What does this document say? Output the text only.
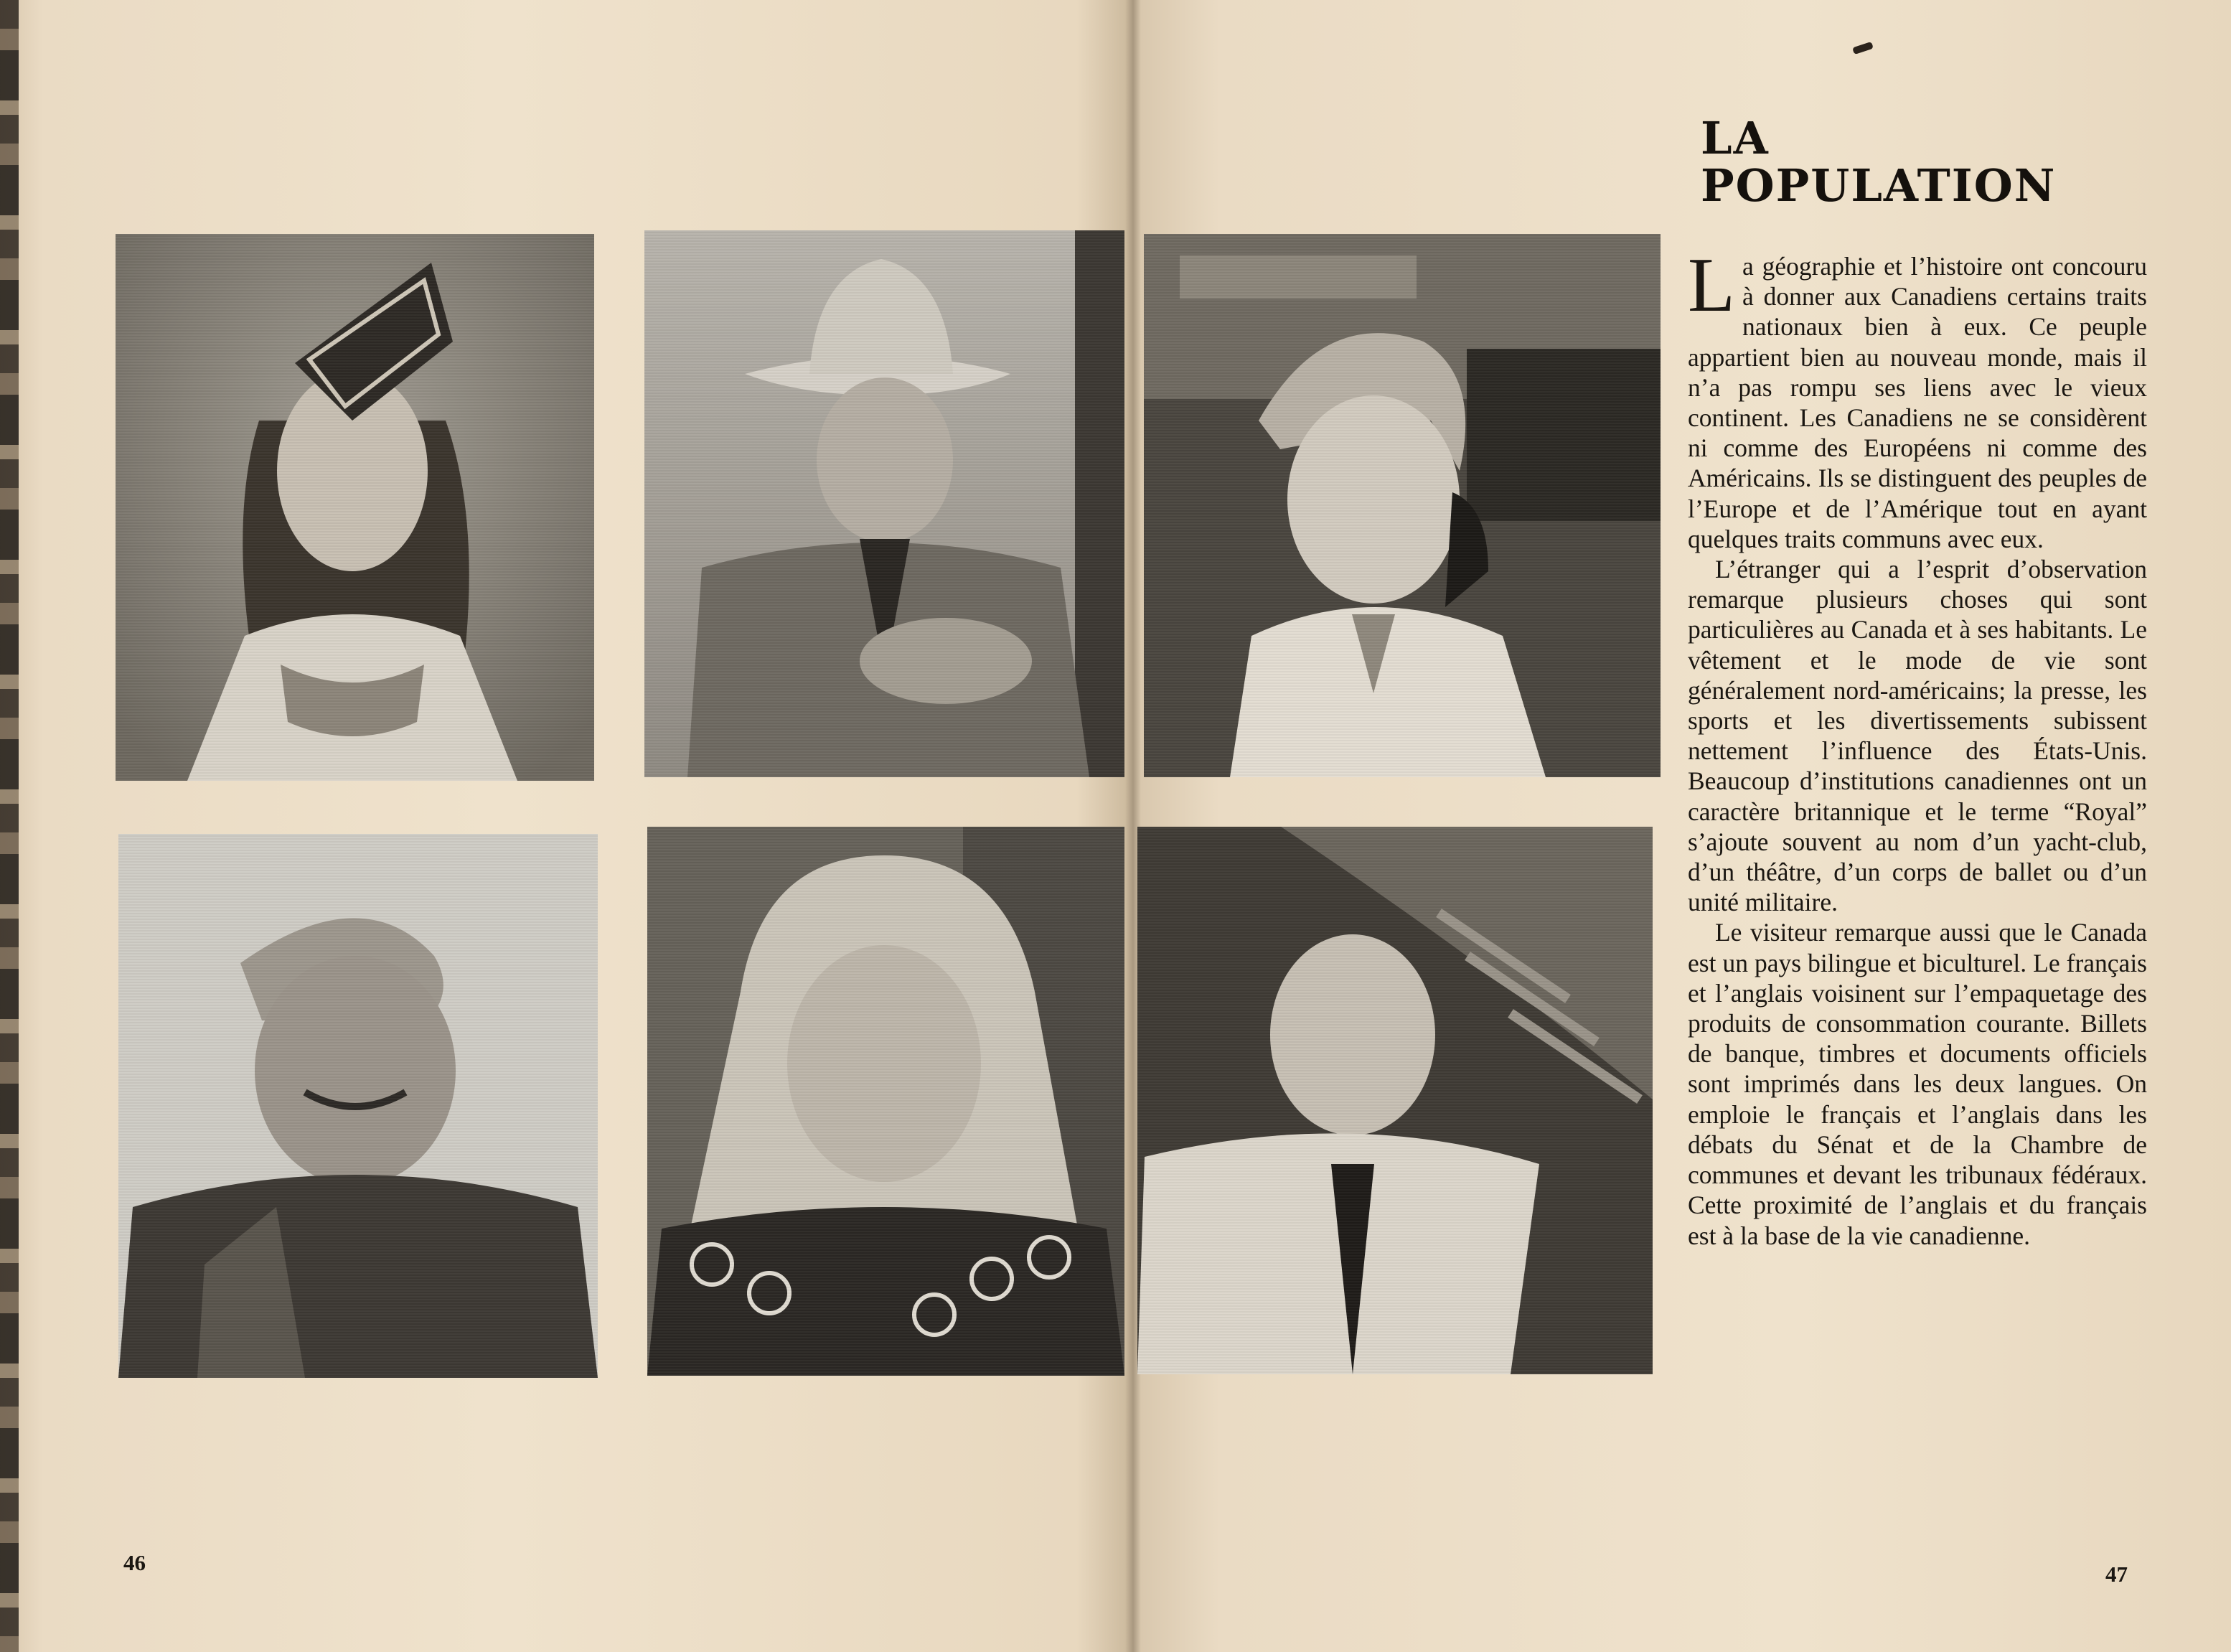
LA
POPULATION

La géographie et l’histoire ont concouru à donner aux Canadiens certains traits nationaux bien à eux. Ce peuple appartient bien au nouveau monde, mais il n’a pas rompu ses liens avec le vieux continent. Les Canadiens ne se considèrent ni comme des Européens ni comme des Américains. Ils se distinguent des peuples de l’Europe et de l’Amérique tout en ayant quelques traits communs avec eux.

L’étranger qui a l’esprit d’observation remarque plusieurs choses qui sont particulières au Canada et à ses habitants. Le vêtement et le mode de vie sont généralement nord-américains; la presse, les sports et les divertissements subissent nettement l’influence des États-Unis. Beaucoup d’institutions canadiennes ont un caractère britannique et le terme “Royal” s’ajoute souvent au nom d’un yacht-club, d’un théâtre, d’un corps de ballet ou d’un unité militaire.

Le visiteur remarque aussi que le Canada est un pays bilingue et biculturel. Le français et l’anglais voisinent sur l’empaquetage des produits de consommation courante. Billets de banque, timbres et documents officiels sont imprimés dans les deux langues. On emploie le français et l’anglais dans les débats du Sénat et de la Chambre de communes et devant les tribunaux fédéraux. Cette proximité de l’anglais et du français est à la base de la vie canadienne.

46	47
